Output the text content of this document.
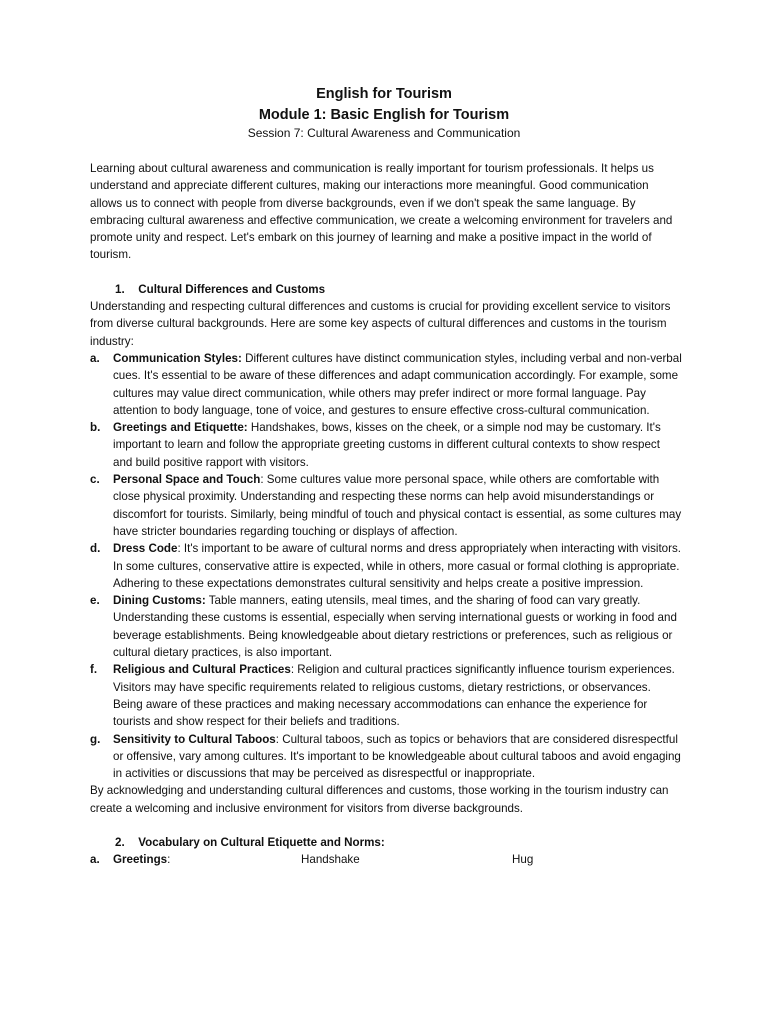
English for Tourism
Module 1: Basic English for Tourism
Session 7: Cultural Awareness and Communication

Learning about cultural awareness and communication is really important for tourism professionals. It helps us understand and appreciate different cultures, making our interactions more meaningful. Good communication allows us to connect with people from diverse backgrounds, even if we don't speak the same language. By embracing cultural awareness and effective communication, we create a welcoming environment for travelers and promote unity and respect. Let's embark on this journey of learning and make a positive impact in the world of tourism.

1. Cultural Differences and Customs

Understanding and respecting cultural differences and customs is crucial for providing excellent service to visitors from diverse cultural backgrounds. Here are some key aspects of cultural differences and customs in the tourism industry:

a. Communication Styles: Different cultures have distinct communication styles, including verbal and non-verbal cues. It's essential to be aware of these differences and adapt communication accordingly. For example, some cultures may value direct communication, while others may prefer indirect or more formal language. Pay attention to body language, tone of voice, and gestures to ensure effective cross-cultural communication.
b. Greetings and Etiquette: Handshakes, bows, kisses on the cheek, or a simple nod may be customary. It's important to learn and follow the appropriate greeting customs in different cultural contexts to show respect and build positive rapport with visitors.
c. Personal Space and Touch: Some cultures value more personal space, while others are comfortable with close physical proximity. Understanding and respecting these norms can help avoid misunderstandings or discomfort for tourists. Similarly, being mindful of touch and physical contact is essential, as some cultures may have stricter boundaries regarding touching or displays of affection.
d. Dress Code: It's important to be aware of cultural norms and dress appropriately when interacting with visitors. In some cultures, conservative attire is expected, while in others, more casual or formal clothing is appropriate. Adhering to these expectations demonstrates cultural sensitivity and helps create a positive impression.
e. Dining Customs: Table manners, eating utensils, meal times, and the sharing of food can vary greatly. Understanding these customs is essential, especially when serving international guests or working in food and beverage establishments. Being knowledgeable about dietary restrictions or preferences, such as religious or cultural dietary practices, is also important.
f. Religious and Cultural Practices: Religion and cultural practices significantly influence tourism experiences. Visitors may have specific requirements related to religious customs, dietary restrictions, or observances. Being aware of these practices and making necessary accommodations can enhance the experience for tourists and show respect for their beliefs and traditions.
g. Sensitivity to Cultural Taboos: Cultural taboos, such as topics or behaviors that are considered disrespectful or offensive, vary among cultures. It's important to be knowledgeable about cultural taboos and avoid engaging in activities or discussions that may be perceived as disrespectful or inappropriate.

By acknowledging and understanding cultural differences and customs, those working in the tourism industry can create a welcoming and inclusive environment for visitors from diverse backgrounds.

2. Vocabulary on Cultural Etiquette and Norms:
a. Greetings:	Handshake	Hug
